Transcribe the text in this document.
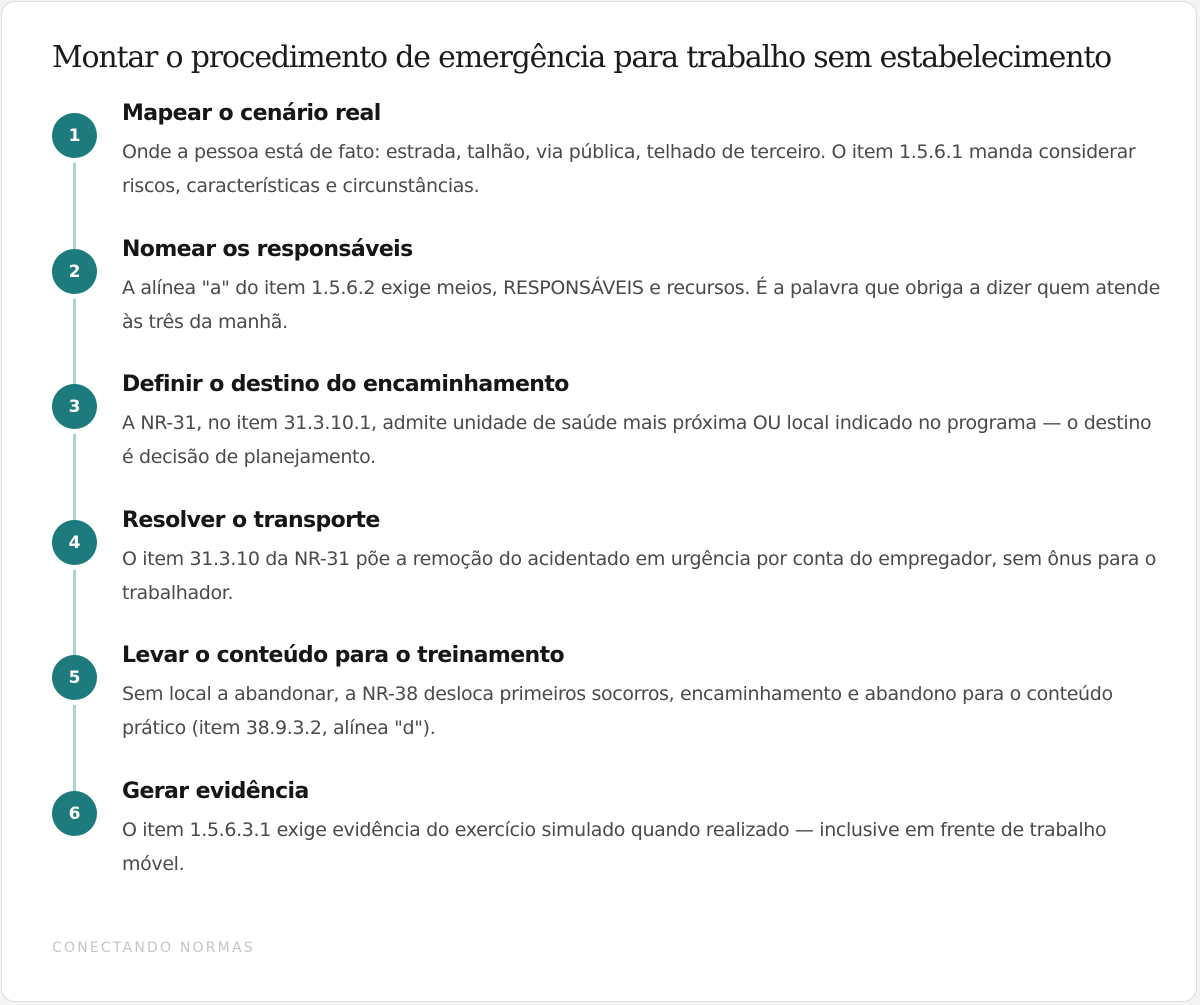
Montar o procedimento de emergência para trabalho sem estabelecimento
1
Mapear o cenário real

Onde a pessoa está de fato: estrada, talhão, via pública, telhado de terceiro. O item 1.5.6.1 manda considerar riscos, características e circunstâncias.

2
Nomear os responsáveis

A alínea "a" do item 1.5.6.2 exige meios, RESPONSÁVEIS e recursos. É a palavra que obriga a dizer quem atende às três da manhã.

3
Definir o destino do encaminhamento

A NR-31, no item 31.3.10.1, admite unidade de saúde mais próxima OU local indicado no programa — o destino é decisão de planejamento.

4
Resolver o transporte

O item 31.3.10 da NR-31 põe a remoção do acidentado em urgência por conta do empregador, sem ônus para o trabalhador.

5
Levar o conteúdo para o treinamento

Sem local a abandonar, a NR-38 desloca primeiros socorros, encaminhamento e abandono para o conteúdo prático (item 38.9.3.2, alínea "d").

6
Gerar evidência

O item 1.5.6.3.1 exige evidência do exercício simulado quando realizado — inclusive em frente de trabalho móvel.

CONECTANDO NORMAS
